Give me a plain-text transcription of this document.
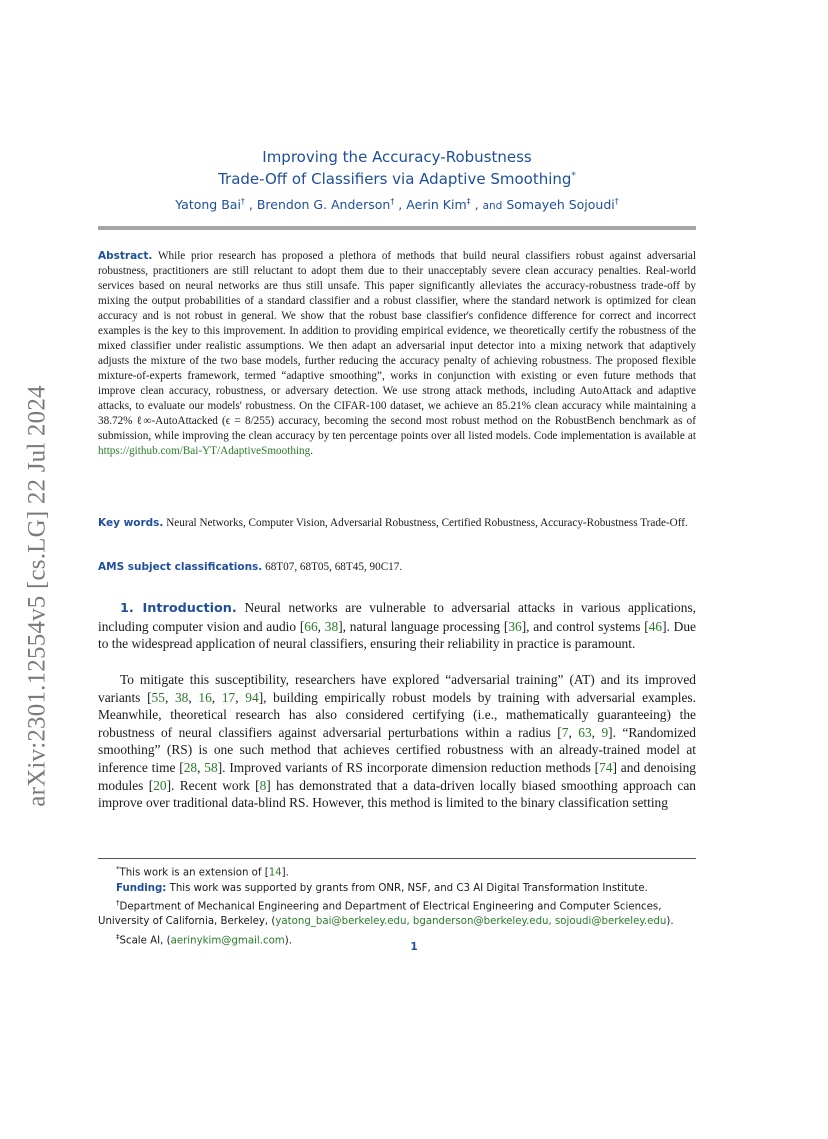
arXiv:2301.12554v5 [cs.LG] 22 Jul 2024
Improving the Accuracy-Robustness
Trade-Off of Classifiers via Adaptive Smoothing*
Yatong Bai† , Brendon G. Anderson† , Aerin Kim‡ , and Somayeh Sojoudi†
Abstract. While prior research has proposed a plethora of methods that build neural classifiers robust against adversarial robustness, practitioners are still reluctant to adopt them due to their unacceptably severe clean accuracy penalties. Real-world services based on neural networks are thus still unsafe. This paper significantly alleviates the accuracy-robustness trade-off by mixing the output probabilities of a standard classifier and a robust classifier, where the standard network is optimized for clean accuracy and is not robust in general. We show that the robust base classifier's confidence difference for correct and incorrect examples is the key to this improvement. In addition to providing empirical evidence, we theoretically certify the robustness of the mixed classifier under realistic assumptions. We then adapt an adversarial input detector into a mixing network that adaptively adjusts the mixture of the two base models, further reducing the accuracy penalty of achieving robustness. The proposed flexible mixture-of-experts framework, termed “adaptive smoothing”, works in conjunction with existing or even future methods that improve clean accuracy, robustness, or adversary detection. We use strong attack methods, including AutoAttack and adaptive attacks, to evaluate our models' robustness. On the CIFAR-100 dataset, we achieve an 85.21% clean accuracy while maintaining a 38.72% ℓ∞-AutoAttacked (ϵ = 8/255) accuracy, becoming the second most robust method on the RobustBench benchmark as of submission, while improving the clean accuracy by ten percentage points over all listed models. Code implementation is available at https://github.com/Bai-YT/AdaptiveSmoothing.
Key words. Neural Networks, Computer Vision, Adversarial Robustness, Certified Robustness, Accuracy-Robustness Trade-Off.
AMS subject classifications. 68T07, 68T05, 68T45, 90C17.
1. Introduction. Neural networks are vulnerable to adversarial attacks in various applications, including computer vision and audio [66, 38], natural language processing [36], and control systems [46]. Due to the widespread application of neural classifiers, ensuring their reliability in practice is paramount.
To mitigate this susceptibility, researchers have explored “adversarial training” (AT) and its improved variants [55, 38, 16, 17, 94], building empirically robust models by training with adversarial examples. Meanwhile, theoretical research has also considered certifying (i.e., mathematically guaranteeing) the robustness of neural classifiers against adversarial perturbations within a radius [7, 63, 9]. “Randomized smoothing” (RS) is one such method that achieves certified robustness with an already-trained model at inference time [28, 58]. Improved variants of RS incorporate dimension reduction methods [74] and denoising modules [20]. Recent work [8] has demonstrated that a data-driven locally biased smoothing approach can improve over traditional data-blind RS. However, this method is limited to the binary classification setting
*This work is an extension of [14].
Funding: This work was supported by grants from ONR, NSF, and C3 AI Digital Transformation Institute.
†Department of Mechanical Engineering and Department of Electrical Engineering and Computer Sciences, University of California, Berkeley, (yatong_bai@berkeley.edu, bganderson@berkeley.edu, sojoudi@berkeley.edu).
‡Scale AI, (aerinykim@gmail.com).
1
